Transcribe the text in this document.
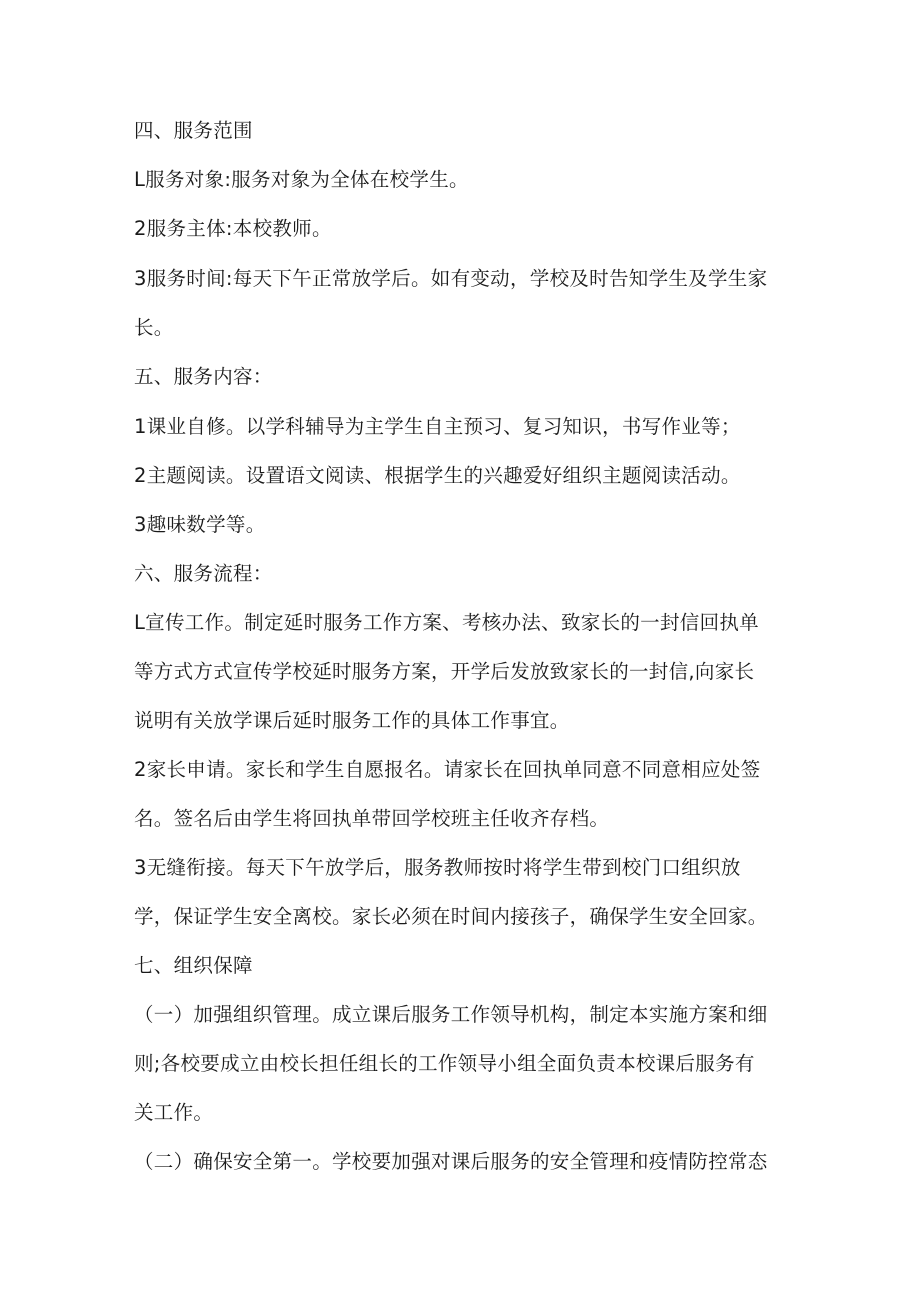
四、服务范围

L服务对象:服务对象为全体在校学生。

2服务主体:本校教师。

3服务时间:每天下午正常放学后。如有变动，学校及时告知学生及学生家

长。

五、服务内容：

1课业自修。以学科辅导为主学生自主预习、复习知识，书写作业等；

2主题阅读。设置语文阅读、根据学生的兴趣爱好组织主题阅读活动。

3趣味数学等。

六、服务流程：

L宣传工作。制定延时服务工作方案、考核办法、致家长的一封信回执单

等方式方式宣传学校延时服务方案，开学后发放致家长的一封信,向家长

说明有关放学课后延时服务工作的具体工作事宜。

2家长申请。家长和学生自愿报名。请家长在回执单同意不同意相应处签

名。签名后由学生将回执单带回学校班主任收齐存档。

3无缝衔接。每天下午放学后，服务教师按时将学生带到校门口组织放

学，保证学生安全离校。家长必须在时间内接孩子，确保学生安全回家。

七、组织保障

（一）加强组织管理。成立课后服务工作领导机构，制定本实施方案和细

则;各校要成立由校长担任组长的工作领导小组全面负责本校课后服务有

关工作。

（二）确保安全第一。学校要加强对课后服务的安全管理和疫情防控常态
